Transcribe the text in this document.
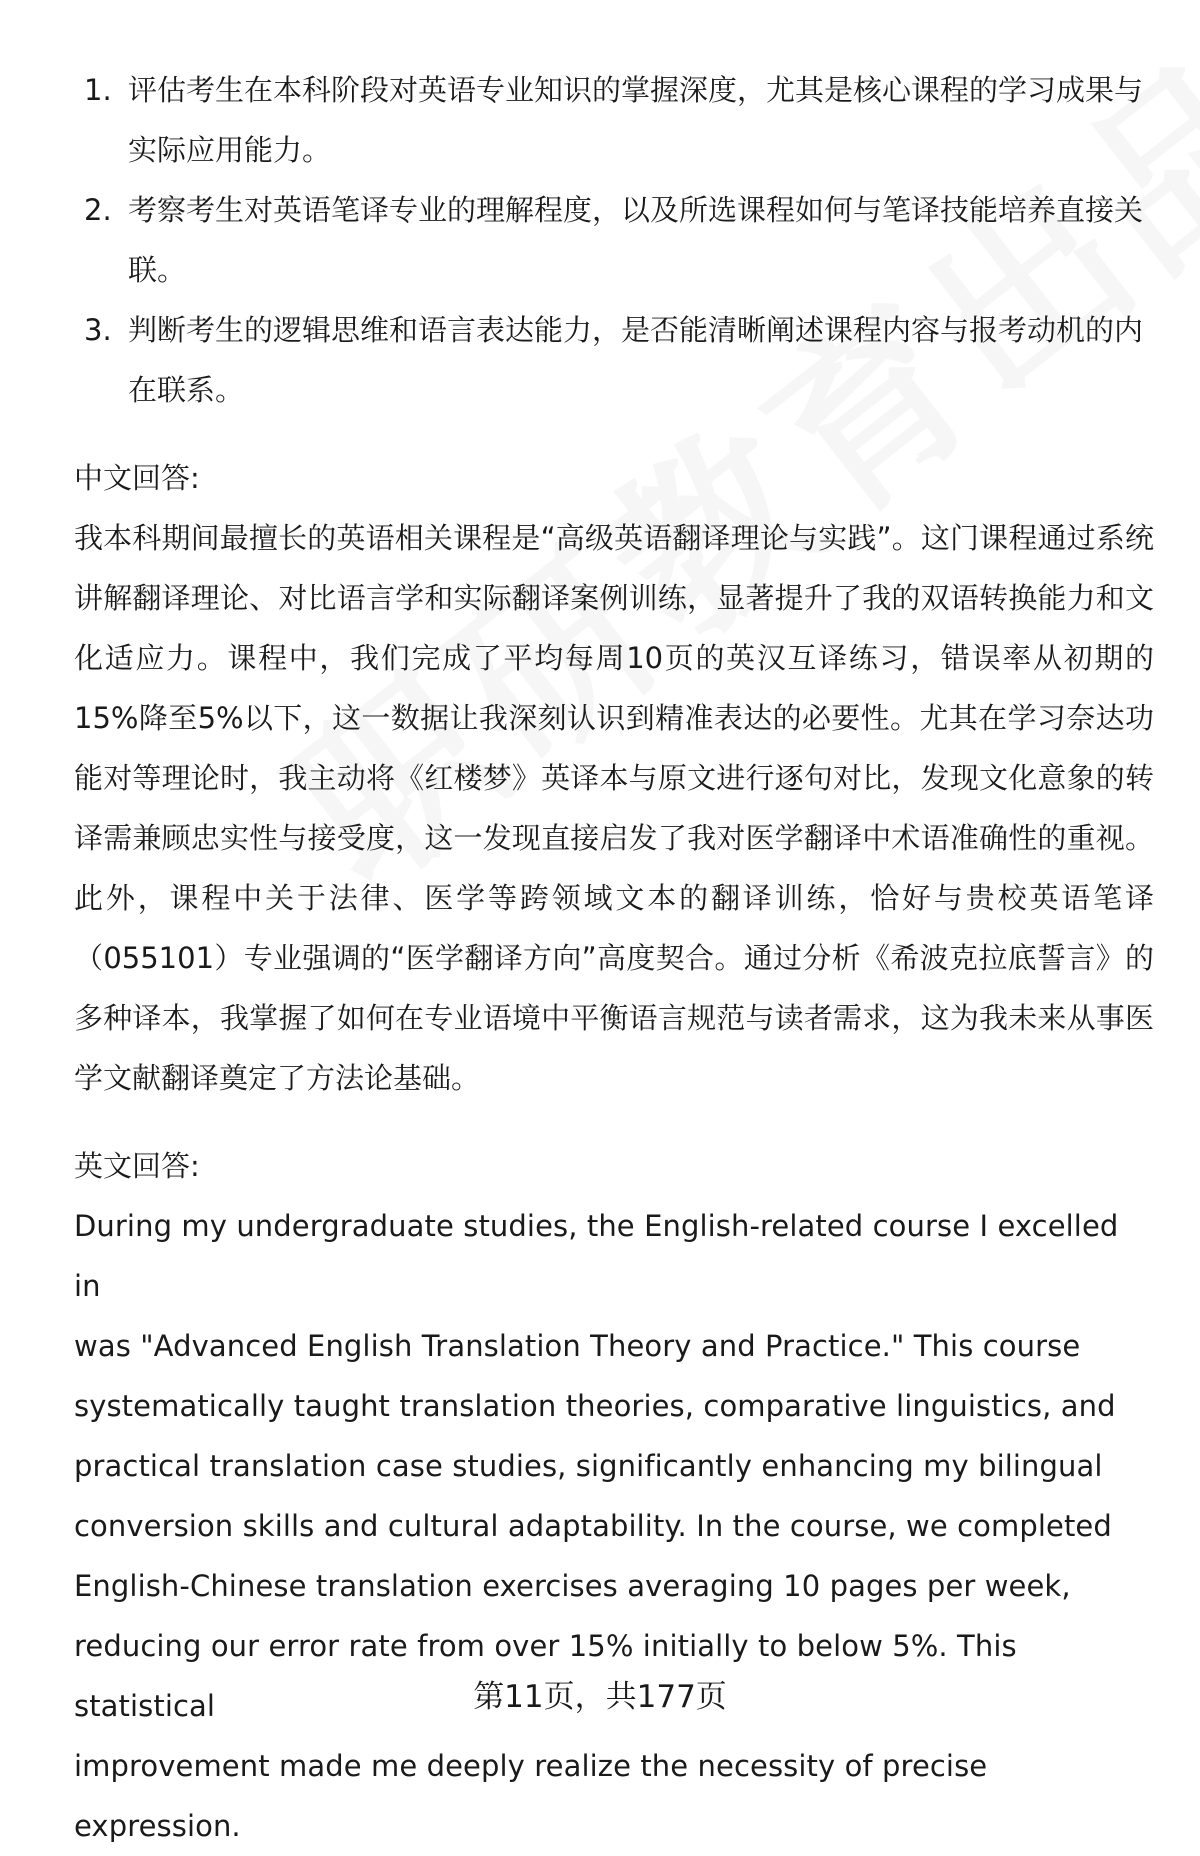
1. 评估考生在本科阶段对英语专业知识的掌握深度，尤其是核心课程的学习成果与实际应用能力。
2. 考察考生对英语笔译专业的理解程度，以及所选课程如何与笔译技能培养直接关联。
3. 判断考生的逻辑思维和语言表达能力，是否能清晰阐述课程内容与报考动机的内在联系。

中文回答:

我本科期间最擅长的英语相关课程是“高级英语翻译理论与实践”。这门课程通过系统讲解翻译理论、对比语言学和实际翻译案例训练，显著提升了我的双语转换能力和文化适应力。课程中，我们完成了平均每周10页的英汉互译练习，错误率从初期的15%降至5%以下，这一数据让我深刻认识到精准表达的必要性。尤其在学习奈达功能对等理论时，我主动将《红楼梦》英译本与原文进行逐句对比，发现文化意象的转译需兼顾忠实性与接受度，这一发现直接启发了我对医学翻译中术语准确性的重视。此外，课程中关于法律、医学等跨领域文本的翻译训练，恰好与贵校英语笔译（055101）专业强调的“医学翻译方向”高度契合。通过分析《希波克拉底誓言》的多种译本，我掌握了如何在专业语境中平衡语言规范与读者需求，这为我未来从事医学文献翻译奠定了方法论基础。

英文回答:

During my undergraduate studies, the English-related course I excelled in
was "Advanced English Translation Theory and Practice." This course
systematically taught translation theories, comparative linguistics, and
practical translation case studies, significantly enhancing my bilingual
conversion skills and cultural adaptability. In the course, we completed
English-Chinese translation exercises averaging 10 pages per week,
reducing our error rate from over 15% initially to below 5%. This statistical
improvement made me deeply realize the necessity of precise expression.
第11页，共177页
